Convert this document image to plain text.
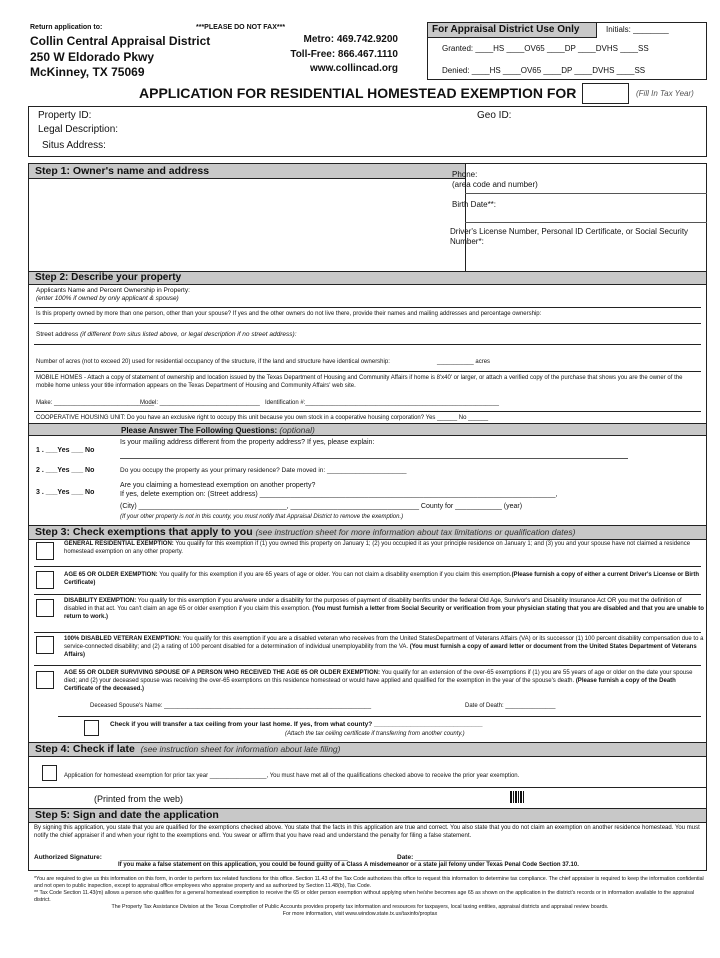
Return application to:	***PLEASE DO NOT FAX***
Collin Central Appraisal District
250 W Eldorado Pkwy
McKinney, TX 75069
Metro: 469.742.9200
Toll-Free: 866.467.1110
www.collincad.org
For Appraisal District Use Only	Initials: ________
Granted: ____HS ____OV65 ____DP ____DVHS ____SS
Denied: ____HS ____OV65 ____DP ____DVHS ____SS
APPLICATION FOR RESIDENTIAL HOMESTEAD EXEMPTION FOR	(Fill In Tax Year)
Property ID:	Geo ID:
Legal Description:
Situs Address:
Step 1: Owner's name and address	Phone:
(area code and number)
Birth Date**:
Driver's License Number, Personal ID Certificate, or Social Security Number*:
Step 2: Describe your property
Applicants Name and Percent Ownership in Property:
(enter 100% if owned by only applicant & spouse)
Is this property owned by more than one person, other than your spouse? If yes and the other owners do not live there, provide their names and mailing addresses and percentage ownership:
Street address (if different from situs listed above, or legal description if no street address):
Number of acres (not to exceed 20) used for residential occupancy of the structure, if the land and structure have identical ownership:	___________ acres
MOBILE HOMES - Attach a copy of statement of ownership and location issued by the Texas Department of Housing and Community Affairs if home is 8'x40' or larger, or attach a verified copy of the purchase that shows you are the owner of the mobile home unless your title information appears on the Texas Department of Housing and Community Affairs' web site.
Make: ______________________________
Model: ______________________________ Identification #:__________________________________________________________
COOPERATIVE HOUSING UNIT: Do you have an exclusive right to occupy this unit because you own stock in a cooperative housing corporation? Yes ______ No ______
Please Answer The Following Questions: (optional)
1 . ___Yes ___ No
Is your mailing address different from the property address? If yes, please explain:
2 . ___Yes ___ No	Do you occupy the property as your primary residence? Date moved in: ______________________
3 . ___Yes ___ No
Are you claiming a homestead exemption on another property?
If yes, delete exemption on: (Street address) ____________________________________________________________________________,
(City) ______________________________________, _________________________________ County for ____________ (year)
(If your other property is not in this county, you must notify that Appraisal District to remove the exemption.)
Step 3: Check exemptions that apply to you (see instruction sheet for more information about tax limitations or qualification dates)
GENERAL RESIDENTIAL EXEMPTION: You qualify for this exemption if (1) you owned this property on January 1; (2) you occupied it as your principle residence on January 1; and (3) you and your spouse have not claimed a residence homestead exemption on any other property.
AGE 65 OR OLDER EXEMPTION: You qualify for this exemption if you are 65 years of age or older. You can not claim a disability exemption if you claim this exemption.(Please furnish a copy of either a current Driver's License or Birth Certificate)
DISABILITY EXEMPTION: You qualify for this exemption if you are/were under a disability for the purposes of payment of disability benfits under the federal Old Age, Survivor's and Disability Insurance Act OR you met the definition of disabled in that act. You can't claim an age 65 or older exemption if you claim this exemption. (You must furnish a letter from Social Security or verification from your physician stating that you are disabled and that you are unable to return to work.)
100% DISABLED VETERAN EXEMPTION: You qualify for this exemption if you are a disabled veteran who receives from the United StatesDepartment of Veterans Affairs (VA) or its successor (1) 100 percent disability compensation due to a service-connected disability; and (2) a rating of 100 percent disabled for a determination of individual unemployability from the VA. (You must furnish a copy of award letter or document from the United States Department of Veterans Affairs)
AGE 55 OR OLDER SURVIVING SPOUSE OF A PERSON WHO RECEIVED THE AGE 65 OR OLDER EXEMPTION: You qualify for an extension of the over-65 exemptions if (1) you are 55 years of age or older on the date your spouse died; and (2) your deceased spouse was receiving the over-65 exemptions on this residence homestead or would have applied and qualified for the exemption in the year of the spouse's death. (Please furnish a copy of the Death Certificate of the deceased.)
Deceased Spouse's Name: ______________________________________________________________	Date of Death: _______________
Check if you will transfer a tax ceiling from your last home. If yes, from what county? ______________________________
(Attach the tax ceiling certificate if transferring from another county.)
Step 4: Check if late (see instruction sheet for information about late filing)
Application for homestead exemption for prior tax year _________________, You must have met all of the qualifications checked above to receive the prior year exemption.
(Printed from the web)
Step 5: Sign and date the application
By signing this application, you state that you are qualified for the exemptions checked above. You state that the facts in this application are true and correct. You also state that you do not claim an exemption on another residence homestead. You must notify the chief appraiser if and when your right to the exemptions end. You swear or affirm that you have read and understand the penalty for filing a false statement.
Authorized Signature:	_______________________________________________________________	Date: ________________________
If you make a false statement on this application, you could be found guilty of a Class A misdemeanor or a state jail felony under Texas Penal Code Section 37.10.
*You are required to give us this information on this form, in order to perform tax related functions for this office. Section 11.43 of the Tax Code authorizes this office to request this information to determine tax compliance. The chief appraiser is required to keep the information confidential and not open to public inspection, except to appraisal office employees who appraise property and as authorized by Section 11.48(b), Tax Code.
** Tax Code Section 11.43(m) allows a person who qualifies for a general homestead exemption to receive the 65 or older person exemption without applying when he/she becomes age 65 as shown on the application in the district's records or in information available to the appraisal district.
The Property Tax Assistance Division at the Texas Comptroller of Public Accounts provides property tax information and resources for taxpayers, local taxing entities, appraisal districts and appraisal review boards.
For more information, visit www.window.state.tx.us/taxinfo/proptax
